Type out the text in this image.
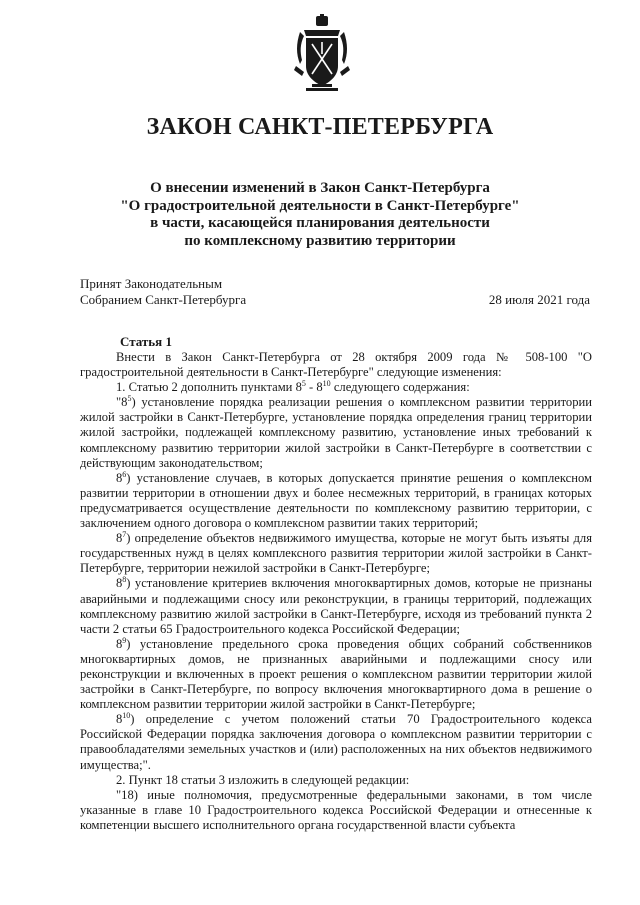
ЗАКОН САНКТ-ПЕТЕРБУРГА
О внесении изменений в Закон Санкт-Петербурга
"О градостроительной деятельности в Санкт-Петербурге"
в части, касающейся планирования деятельности
по комплексному развитию территории
Принят Законодательным
Собранием Санкт-Петербурга	28 июля 2021 года
Статья 1
Внести в Закон Санкт-Петербурга от 28 октября 2009 года № 508-100 "О градостроительной деятельности в Санкт-Петербурге" следующие изменения:
1. Статью 2 дополнить пунктами $8^5 - 8^{10}$ следующего содержания:
"$8^5$) установление порядка реализации решения о комплексном развитии территории жилой застройки в Санкт-Петербурге, установление порядка определения границ территории жилой застройки, подлежащей комплексному развитию, установление иных требований к комплексному развитию территории жилой застройки в Санкт-Петербурге в соответствии с действующим законодательством;
$8^6$) установление случаев, в которых допускается принятие решения о комплексном развитии территории в отношении двух и более несмежных территорий, в границах которых предусматривается осуществление деятельности по комплексному развитию территории, с заключением одного договора о комплексном развитии таких территорий;
$8^7$) определение объектов недвижимого имущества, которые не могут быть изъяты для государственных нужд в целях комплексного развития территории жилой застройки в Санкт-Петербурге, территории нежилой застройки в Санкт-Петербурге;
$8^8$) установление критериев включения многоквартирных домов, которые не признаны аварийными и подлежащими сносу или реконструкции, в границы территорий, подлежащих комплексному развитию жилой застройки в Санкт-Петербурге, исходя из требований пункта 2 части 2 статьи 65 Градостроительного кодекса Российской Федерации;
$8^9$) установление предельного срока проведения общих собраний собственников многоквартирных домов, не признанных аварийными и подлежащими сносу или реконструкции и включенных в проект решения о комплексном развитии территории жилой застройки в Санкт-Петербурге, по вопросу включения многоквартирного дома в решение о комплексном развитии территории жилой застройки в Санкт-Петербурге;
$8^{10}$) определение с учетом положений статьи 70 Градостроительного кодекса Российской Федерации порядка заключения договора о комплексном развитии территории с правообладателями земельных участков и (или) расположенных на них объектов недвижимого имущества;".
2. Пункт 18 статьи 3 изложить в следующей редакции:
"18) иные полномочия, предусмотренные федеральными законами, в том числе указанные в главе 10 Градостроительного кодекса Российской Федерации и отнесенные к компетенции высшего исполнительного органа государственной власти субъекта
